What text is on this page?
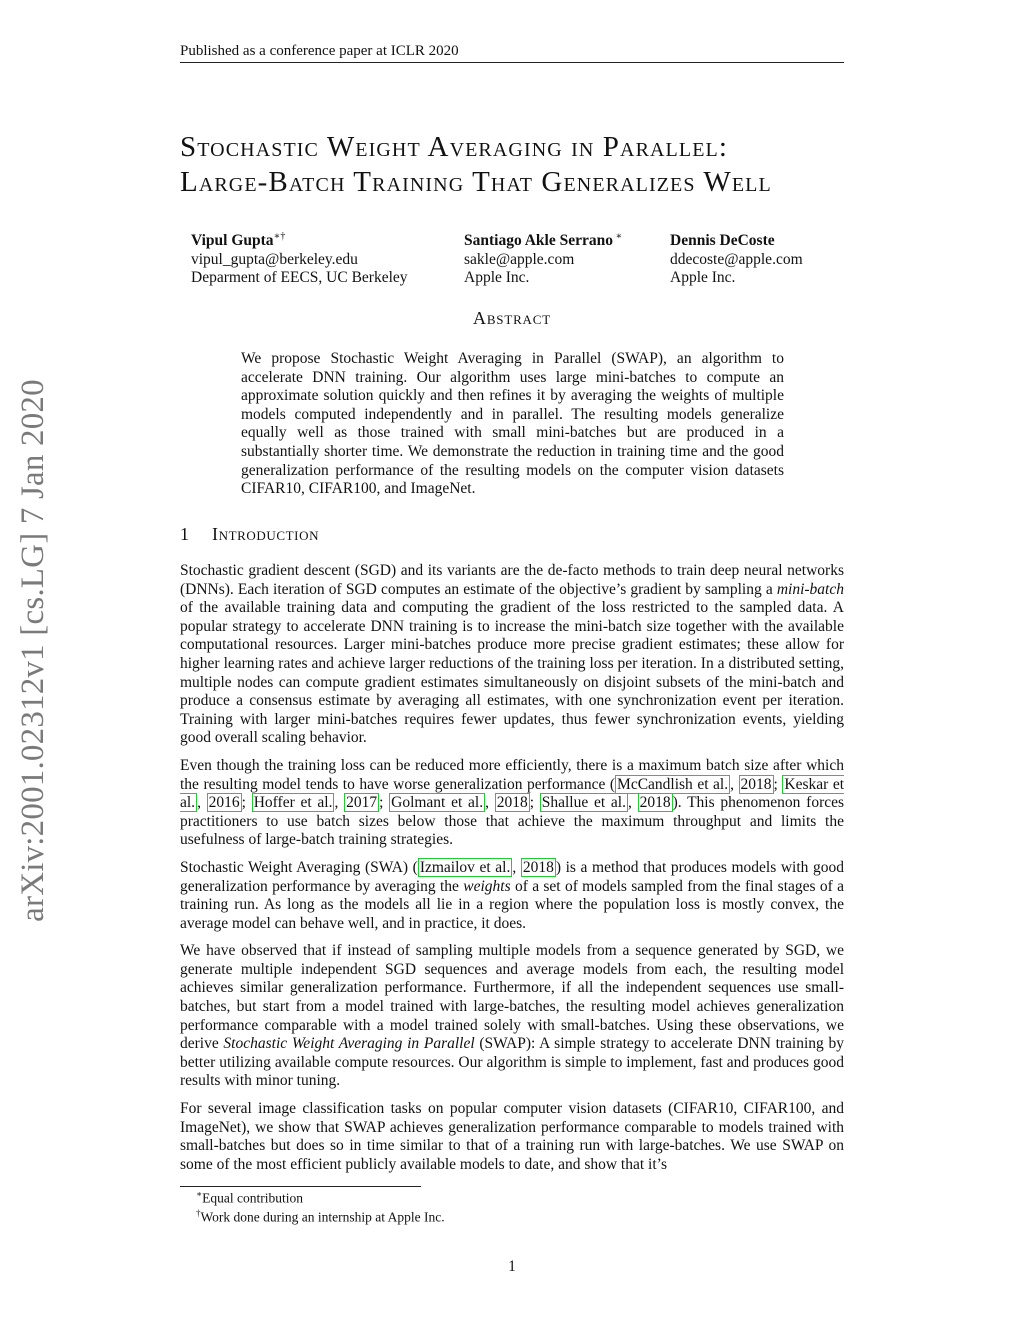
arXiv:2001.02312v1 [cs.LG] 7 Jan 2020
Published as a conference paper at ICLR 2020
Stochastic Weight Averaging in Parallel:
Large-Batch Training That Generalizes Well
Vipul Gupta∗†
vipul_gupta@berkeley.edu
Deparment of EECS, UC Berkeley
Santiago Akle Serrano ∗
sakle@apple.com
Apple Inc.
Dennis DeCoste
ddecoste@apple.com
Apple Inc.
Abstract
We propose Stochastic Weight Averaging in Parallel (SWAP), an algorithm to accelerate DNN training. Our algorithm uses large mini-batches to compute an approximate solution quickly and then refines it by averaging the weights of multiple models computed independently and in parallel. The resulting models generalize equally well as those trained with small mini-batches but are produced in a substantially shorter time. We demonstrate the reduction in training time and the good generalization performance of the resulting models on the computer vision datasets CIFAR10, CIFAR100, and ImageNet.
1 Introduction

Stochastic gradient descent (SGD) and its variants are the de-facto methods to train deep neural networks (DNNs). Each iteration of SGD computes an estimate of the objective’s gradient by sampling a mini-batch of the available training data and computing the gradient of the loss restricted to the sampled data. A popular strategy to accelerate DNN training is to increase the mini-batch size together with the available computational resources. Larger mini-batches produce more precise gradient estimates; these allow for higher learning rates and achieve larger reductions of the training loss per iteration. In a distributed setting, multiple nodes can compute gradient estimates simultaneously on disjoint subsets of the mini-batch and produce a consensus estimate by averaging all estimates, with one synchronization event per iteration. Training with larger mini-batches requires fewer updates, thus fewer synchronization events, yielding good overall scaling behavior.

Even though the training loss can be reduced more efficiently, there is a maximum batch size after which the resulting model tends to have worse generalization performance ( McCandlish et al. , 2018 ; Keskar et al. , 2016 ; Hoffer et al. , 2017 ; Golmant et al. , 2018 ; Shallue et al. , 2018 ). This phenomenon forces practitioners to use batch sizes below those that achieve the maximum throughput and limits the usefulness of large-batch training strategies.

Stochastic Weight Averaging (SWA) ( Izmailov et al. , 2018 ) is a method that produces models with good generalization performance by averaging the weights of a set of models sampled from the final stages of a training run. As long as the models all lie in a region where the population loss is mostly convex, the average model can behave well, and in practice, it does.

We have observed that if instead of sampling multiple models from a sequence generated by SGD, we generate multiple independent SGD sequences and average models from each, the resulting model achieves similar generalization performance. Furthermore, if all the independent sequences use small-batches, but start from a model trained with large-batches, the resulting model achieves generalization performance comparable with a model trained solely with small-batches. Using these observations, we derive Stochastic Weight Averaging in Parallel (SWAP): A simple strategy to accelerate DNN training by better utilizing available compute resources. Our algorithm is simple to implement, fast and produces good results with minor tuning.

For several image classification tasks on popular computer vision datasets (CIFAR10, CIFAR100, and ImageNet), we show that SWAP achieves generalization performance comparable to models trained with small-batches but does so in time similar to that of a training run with large-batches. We use SWAP on some of the most efficient publicly available models to date, and show that it’s

∗Equal contribution
†Work done during an internship at Apple Inc.
1
